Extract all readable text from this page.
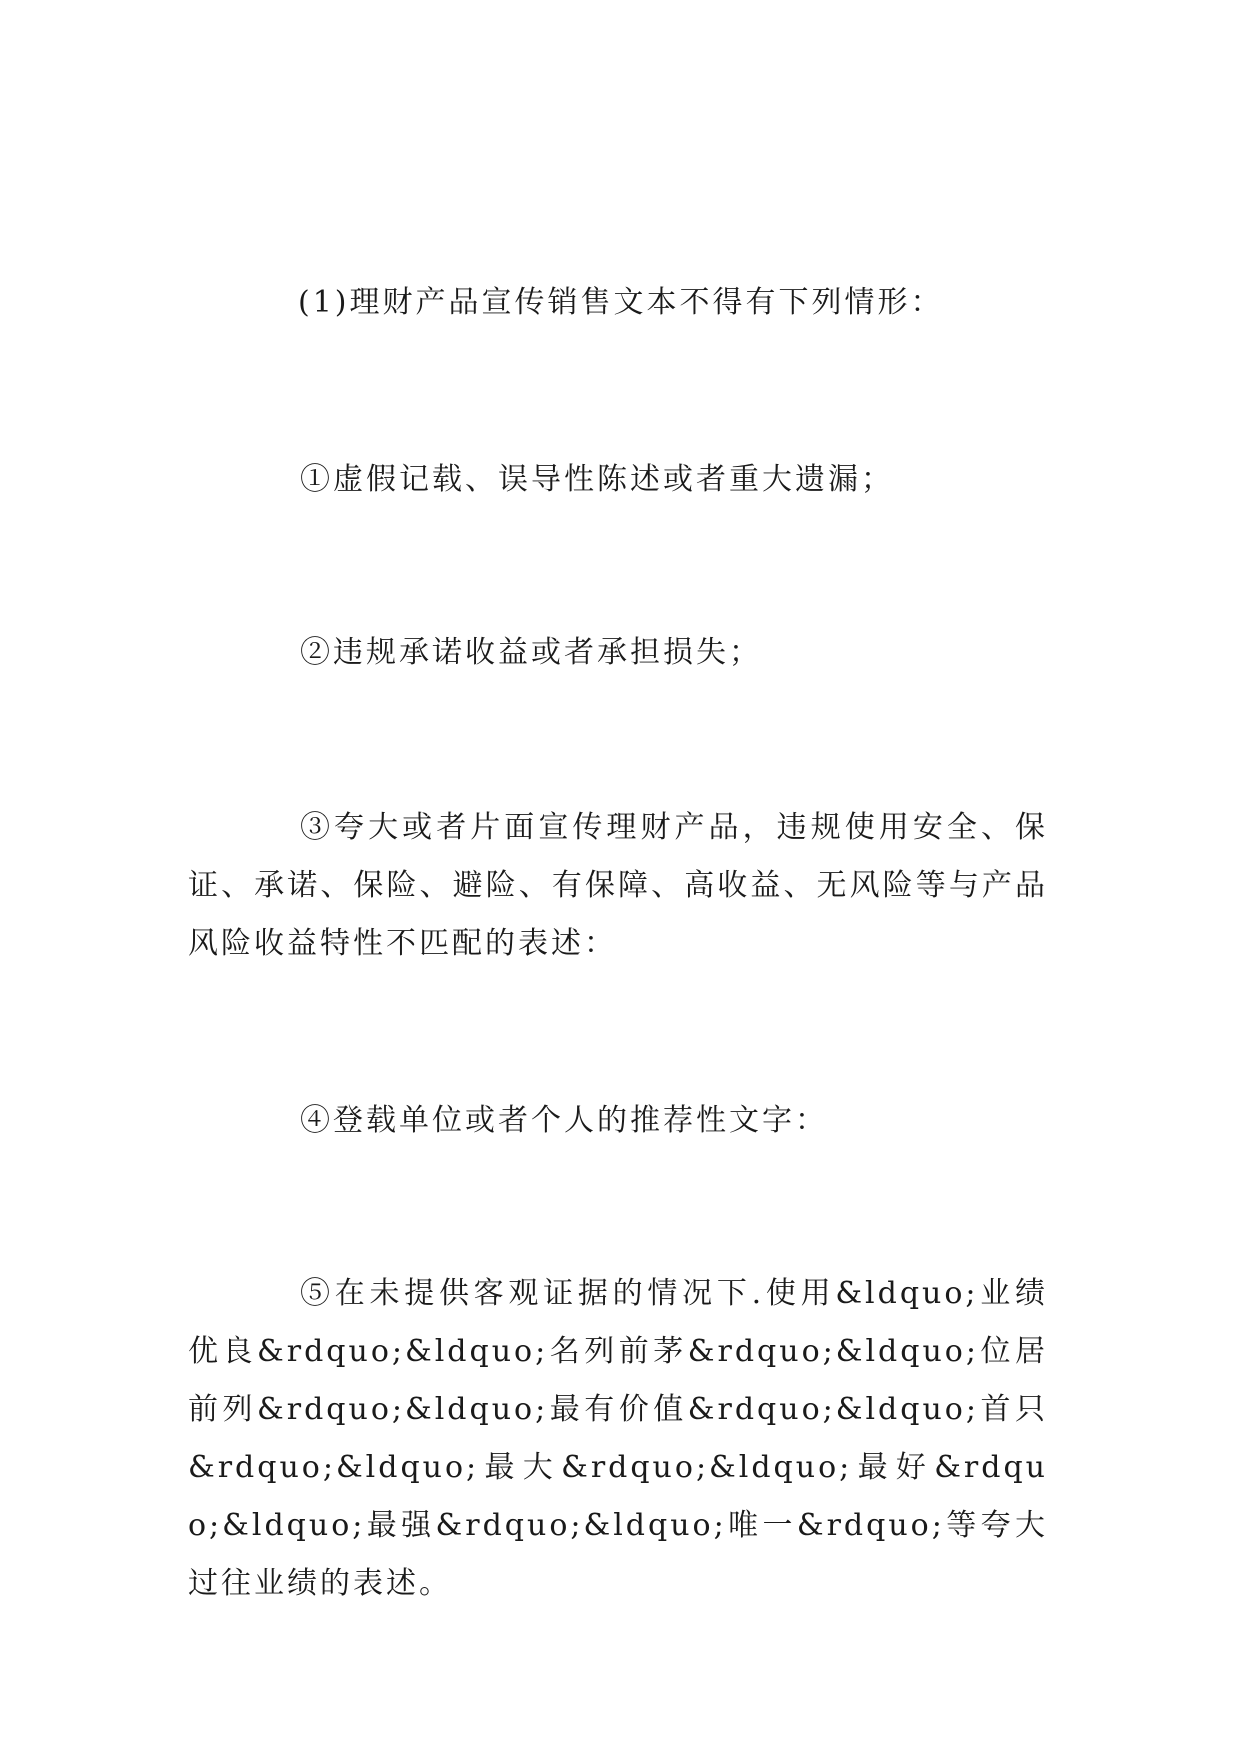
(1)理财产品宣传销售文本不得有下列情形：

①虚假记载、误导性陈述或者重大遗漏；

②违规承诺收益或者承担损失；

③夸大或者片面宣传理财产品，违规使用安全、保证、承诺、保险、避险、有保障、高收益、无风险等与产品风险收益特性不匹配的表述：

④登载单位或者个人的推荐性文字：

⑤在未提供客观证据的情况下.使用&ldquo;业绩优良&rdquo;&ldquo;名列前茅&rdquo;&ldquo;位居前列&rdquo;&ldquo;最有价值&rdquo;&ldquo;首只&rdquo;&ldquo;最大&rdquo;&ldquo;最好&rdquo;&ldquo;最强&rdquo;&ldquo;唯一&rdquo;等夸大过往业绩的表述。
